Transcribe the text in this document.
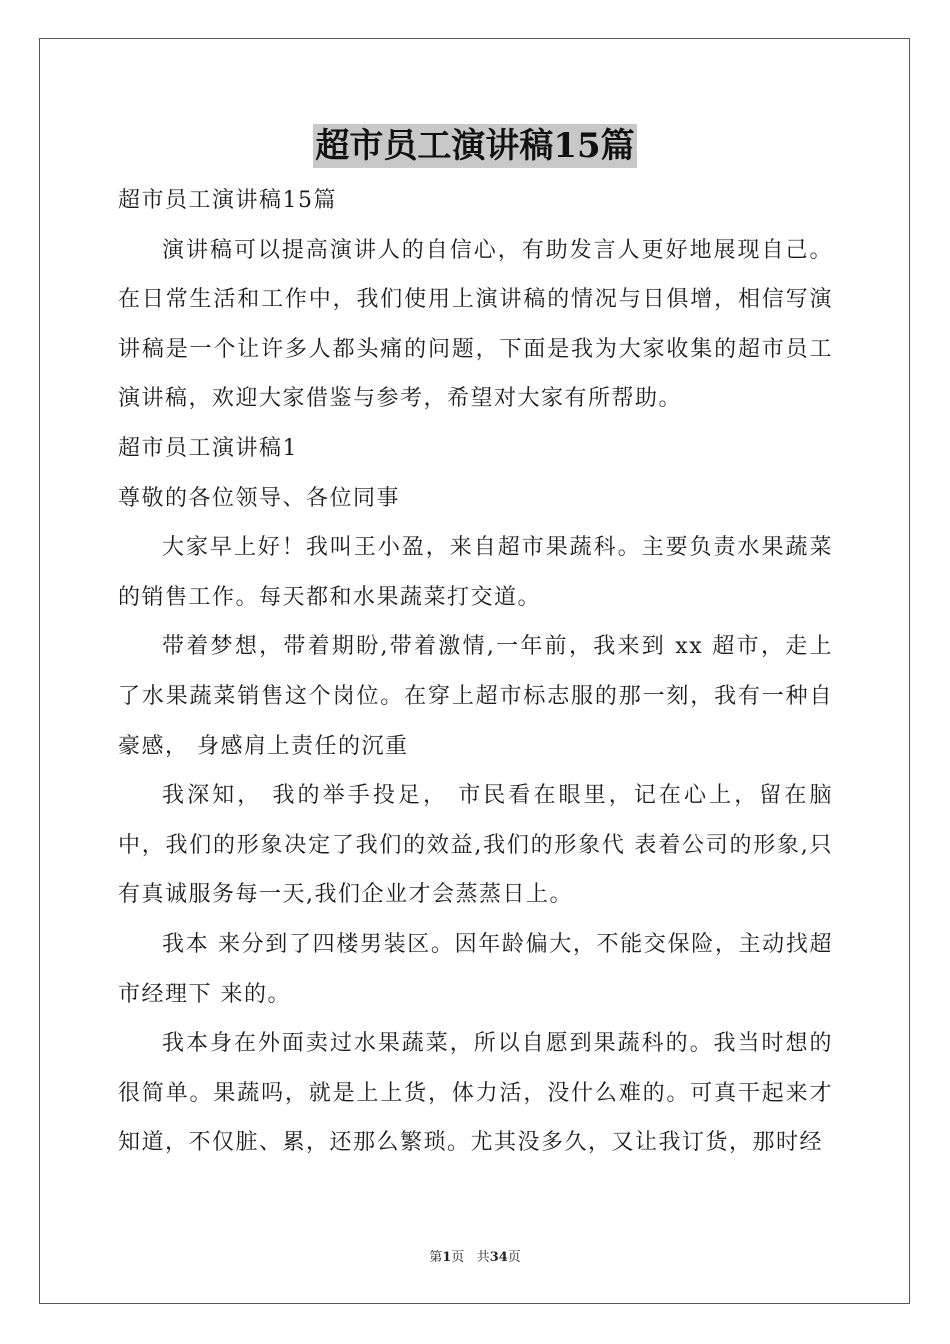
超市员工演讲稿15篇

超市员工演讲稿15篇

演讲稿可以提高演讲人的自信心，有助发言人更好地展现自己。在日常生活和工作中，我们使用上演讲稿的情况与日俱增，相信写演讲稿是一个让许多人都头痛的问题，下面是我为大家收集的超市员工演讲稿，欢迎大家借鉴与参考，希望对大家有所帮助。

超市员工演讲稿1

尊敬的各位领导、各位同事

大家早上好！我叫王小盈，来自超市果蔬科。主要负责水果蔬菜的销售工作。每天都和水果蔬菜打交道。

带着梦想，带着期盼,带着激情,一年前，我来到 xx 超市，走上了水果蔬菜销售这个岗位。在穿上超市标志服的那一刻，我有一种自豪感， 身感肩上责任的沉重

我深知， 我的举手投足， 市民看在眼里，记在心上，留在脑中，我们的形象决定了我们的效益,我们的形象代 表着公司的形象,只有真诚服务每一天,我们企业才会蒸蒸日上。

我本 来分到了四楼男装区。因年龄偏大，不能交保险，主动找超市经理下 来的。

我本身在外面卖过水果蔬菜，所以自愿到果蔬科的。我当时想的很简单。果蔬吗，就是上上货，体力活，没什么难的。可真干起来才知道，不仅脏、累，还那么繁琐。尤其没多久，又让我订货，那时经

第1页 共34页
